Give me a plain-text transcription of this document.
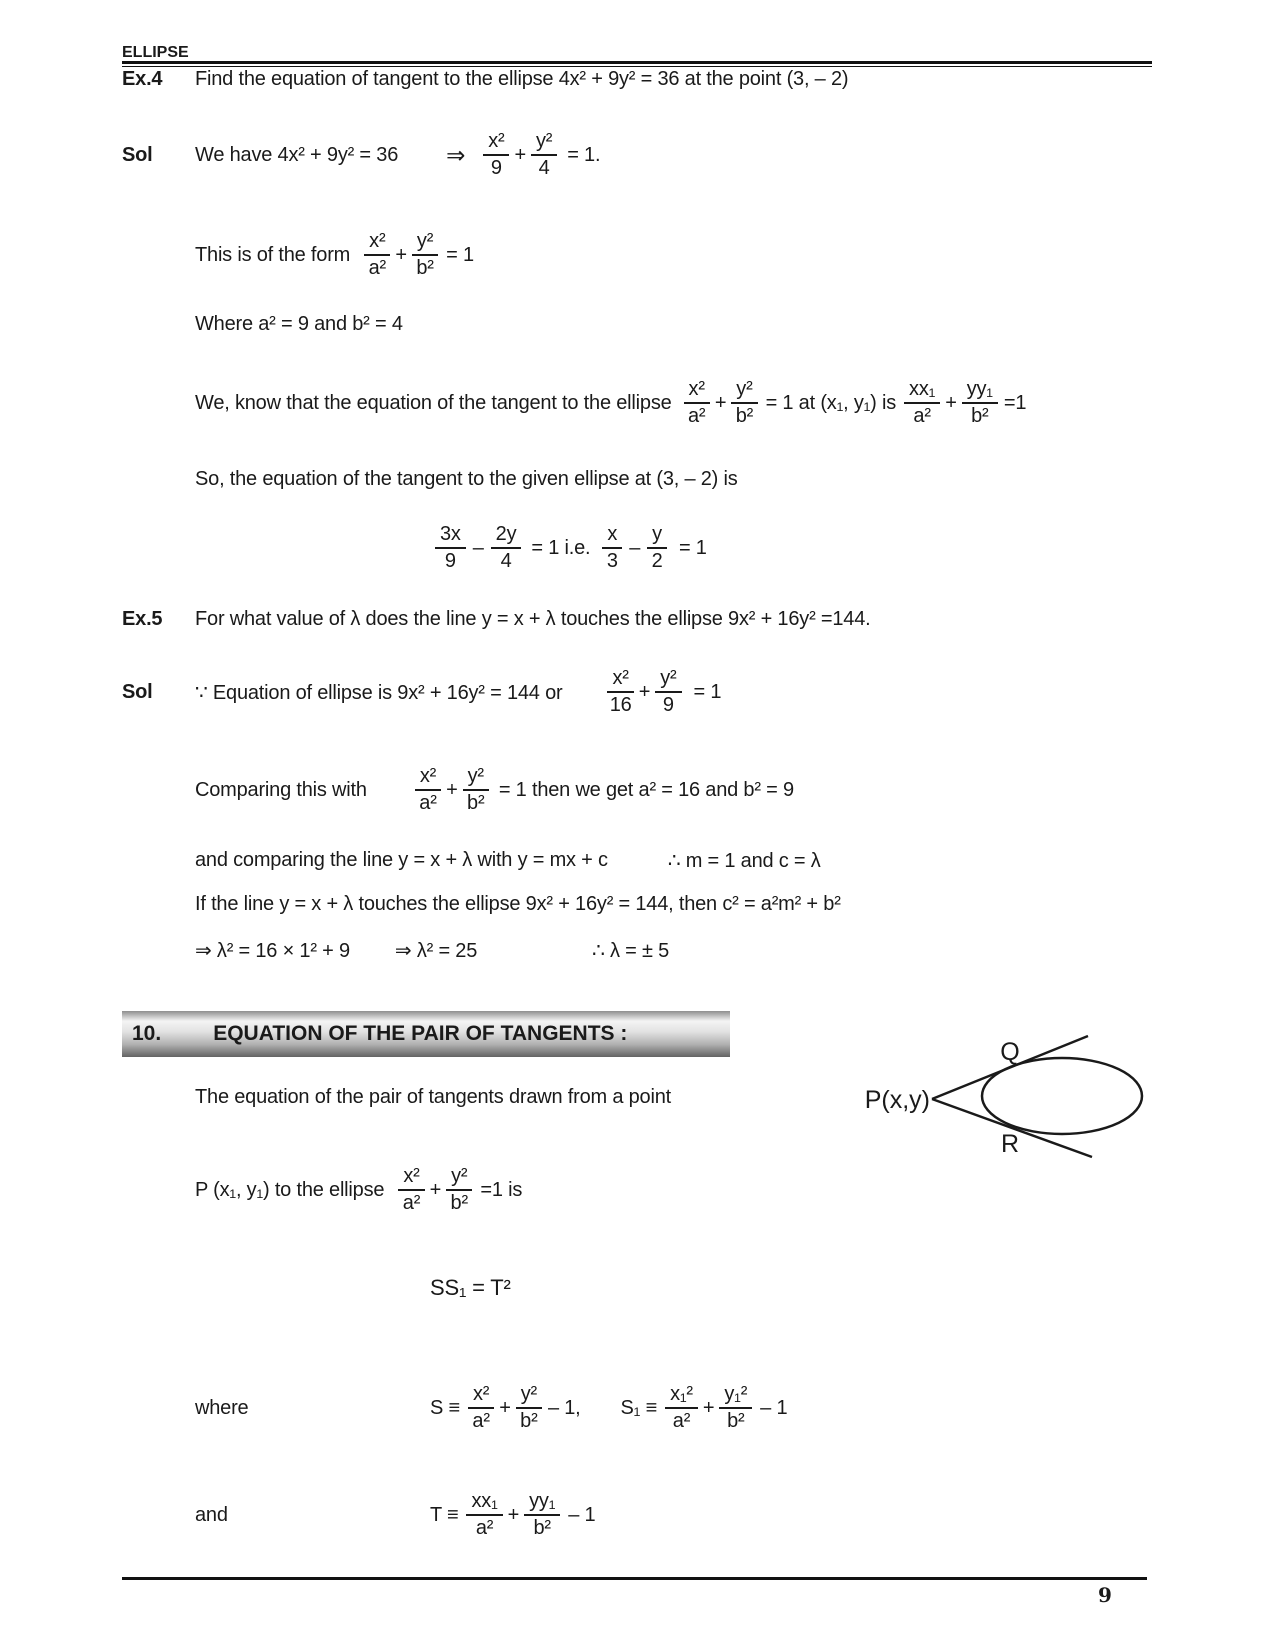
ELLIPSE
Ex.4	Find the equation of tangent to the ellipse 4x² + 9y² = 36 at the point (3, – 2)
Sol	We have 4x² + 9y² = 36 ⇒ $\frac{\text{x²}}{9} + \frac{\text{y²}}{4} = 1$.
This is of the form $\frac{\text{x²}}{\text{a²}} + \frac{\text{y²}}{\text{b²}} = 1$
Where a² = 9 and b² = 4
We, know that the equation of the tangent to the ellipse $\frac{\text{x²}}{\text{a²}} + \frac{\text{y²}}{\text{b²}} = 1$ at (x₁, y₁) is $\frac{\text{xx₁}}{\text{a²}} + \frac{\text{yy₁}}{\text{b²}} =1$
So, the equation of the tangent to the given ellipse at (3, – 2) is
$\frac{3x}{9} - \frac{2y}{4} = 1$ i.e. $\frac{x}{3} - \frac{y}{2} = 1$
Ex.5	For what value of λ does the line y = x + λ touches the ellipse 9x² + 16y² =144.
Sol	∵ Equation of ellipse is 9x² + 16y² = 144 or $\frac{\text{x²}}{16} + \frac{\text{y²}}{9} = 1$
Comparing this with $\frac{\text{x²}}{\text{a²}} + \frac{\text{y²}}{\text{b²}} = 1$ then we get a² = 16 and b² = 9
and comparing the line y = x + λ with y = mx + c	∴ m = 1 and c = λ
If the line y = x + λ touches the ellipse 9x² + 16y² = 144, then c² = a²m² + b²
⇒ λ² = 16 × 1² + 9 ⇒ λ² = 25	∴ λ = ± 5
10. EQUATION OF THE PAIR OF TANGENTS :
The equation of the pair of tangents drawn from a point	P(x,y)
Q
R
P (x₁, y₁) to the ellipse $\frac{\text{x²}}{\text{a²}} + \frac{\text{y²}}{\text{b²}} =1$ is
SS₁ = T²
where	$S \equiv \frac{\text{x²}}{\text{a²}} + \frac{\text{y²}}{\text{b²}} - 1$, $S_1 \equiv \frac{\text{x₁²}}{\text{a²}} + \frac{\text{y₁²}}{\text{b²}} - 1$
and	$T \equiv \frac{\text{xx₁}}{\text{a²}} + \frac{\text{yy₁}}{\text{b²}} - 1$
9
